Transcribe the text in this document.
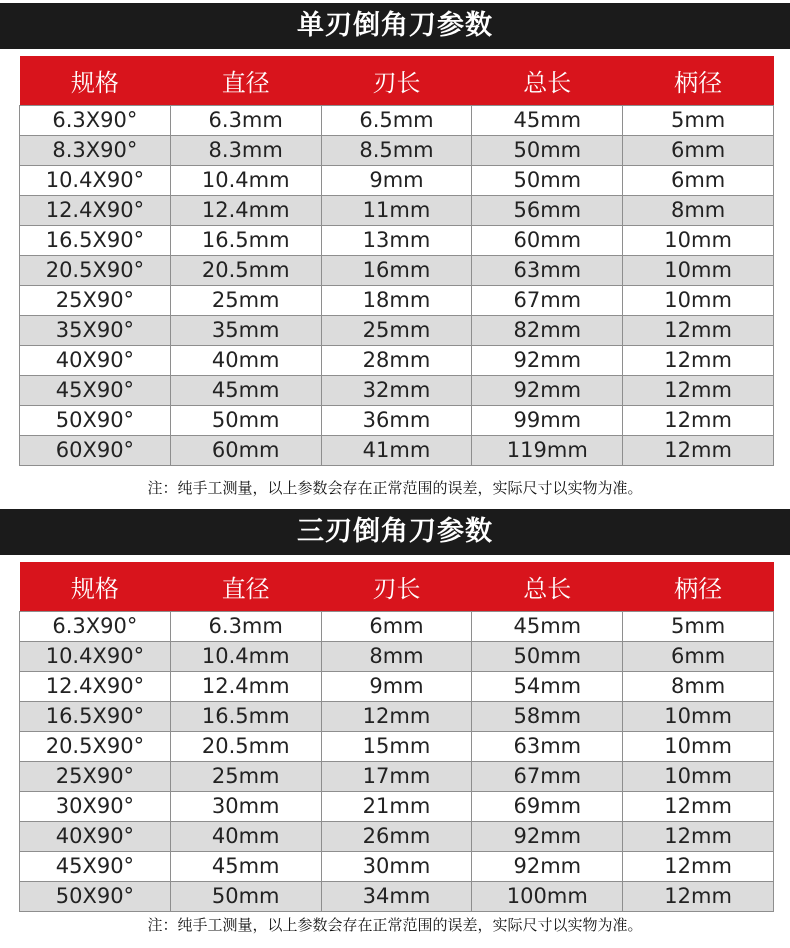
单刃倒角刀参数
规格	直径	刃长	总长	柄径
6.3X90°	6.3mm	6.5mm	45mm	5mm
8.3X90°	8.3mm	8.5mm	50mm	6mm
10.4X90°	10.4mm	9mm	50mm	6mm
12.4X90°	12.4mm	11mm	56mm	8mm
16.5X90°	16.5mm	13mm	60mm	10mm
20.5X90°	20.5mm	16mm	63mm	10mm
25X90°	25mm	18mm	67mm	10mm
35X90°	35mm	25mm	82mm	12mm
40X90°	40mm	28mm	92mm	12mm
45X90°	45mm	32mm	92mm	12mm
50X90°	50mm	36mm	99mm	12mm
60X90°	60mm	41mm	119mm	12mm
注：纯手工测量，以上参数会存在正常范围的误差，实际尺寸以实物为准。
三刃倒角刀参数
规格	直径	刃长	总长	柄径
6.3X90°	6.3mm	6mm	45mm	5mm
10.4X90°	10.4mm	8mm	50mm	6mm
12.4X90°	12.4mm	9mm	54mm	8mm
16.5X90°	16.5mm	12mm	58mm	10mm
20.5X90°	20.5mm	15mm	63mm	10mm
25X90°	25mm	17mm	67mm	10mm
30X90°	30mm	21mm	69mm	12mm
40X90°	40mm	26mm	92mm	12mm
45X90°	45mm	30mm	92mm	12mm
50X90°	50mm	34mm	100mm	12mm
注：纯手工测量，以上参数会存在正常范围的误差，实际尺寸以实物为准。
